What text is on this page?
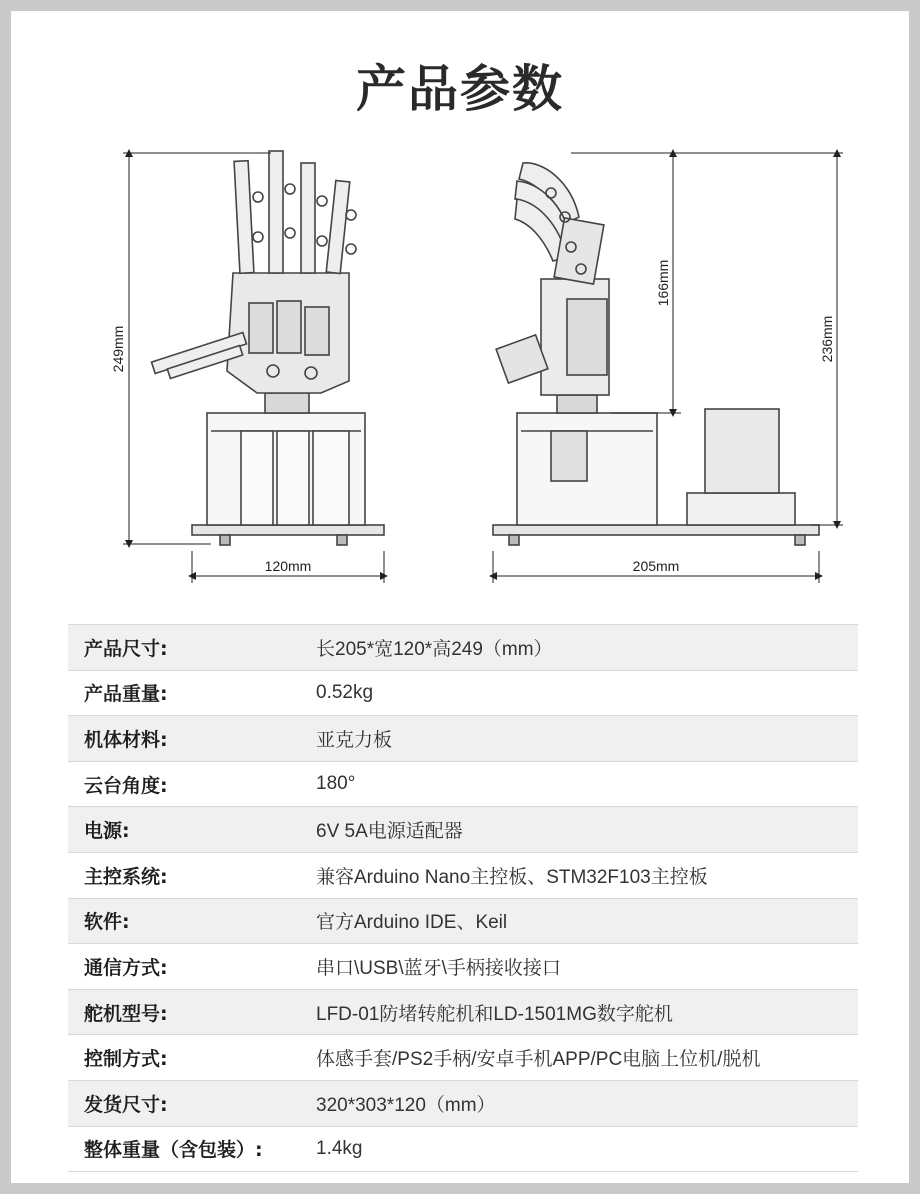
产品参数
249mm
120mm
166mm
236mm
205mm
产品尺寸:	长205*宽120*高249（mm）
产品重量:	0.52kg
机体材料:	亚克力板
云台角度:	180°
电源:	6V 5A电源适配器
主控系统:	兼容Arduino Nano主控板、STM32F103主控板
软件:	官方Arduino IDE、Keil
通信方式:	串口\USB\蓝牙\手柄接收接口
舵机型号:	LFD-01防堵转舵机和LD-1501MG数字舵机
控制方式:	体感手套/PS2手柄/安卓手机APP/PC电脑上位机/脱机
发货尺寸:	320*303*120（mm）
整体重量（含包装）:	1.4kg
